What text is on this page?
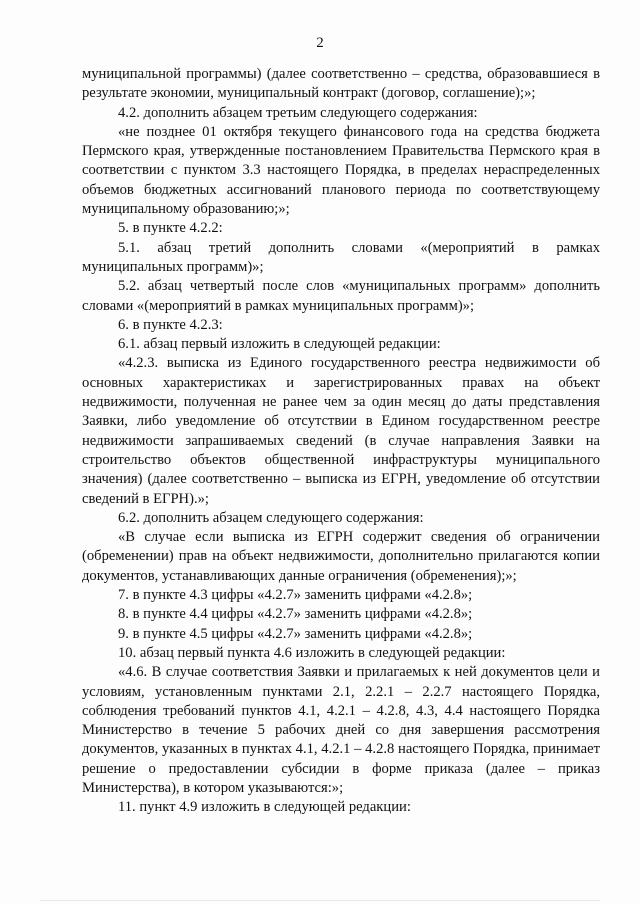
2

муниципальной программы) (далее соответственно – средства, образовавшиеся в результате экономии, муниципальный контракт (договор, соглашение);»;

4.2. дополнить абзацем третьим следующего содержания:

«не позднее 01 октября текущего финансового года на средства бюджета Пермского края, утвержденные постановлением Правительства Пермского края в соответствии с пунктом 3.3 настоящего Порядка, в пределах нераспределенных объемов бюджетных ассигнований планового периода по соответствующему муниципальному образованию;»;

5. в пункте 4.2.2:

5.1. абзац третий дополнить словами «(мероприятий в рамках муниципальных программ)»;

5.2. абзац четвертый после слов «муниципальных программ» дополнить словами «(мероприятий в рамках муниципальных программ)»;

6. в пункте 4.2.3:

6.1. абзац первый изложить в следующей редакции:

«4.2.3. выписка из Единого государственного реестра недвижимости об основных характеристиках и зарегистрированных правах на объект недвижимости, полученная не ранее чем за один месяц до даты представления Заявки, либо уведомление об отсутствии в Едином государственном реестре недвижимости запрашиваемых сведений (в случае направления Заявки на строительство объектов общественной инфраструктуры муниципального значения) (далее соответственно – выписка из ЕГРН, уведомление об отсутствии сведений в ЕГРН).»;

6.2. дополнить абзацем следующего содержания:

«В случае если выписка из ЕГРН содержит сведения об ограничении (обременении) прав на объект недвижимости, дополнительно прилагаются копии документов, устанавливающих данные ограничения (обременения);»;

7. в пункте 4.3 цифры «4.2.7» заменить цифрами «4.2.8»;

8. в пункте 4.4 цифры «4.2.7» заменить цифрами «4.2.8»;

9. в пункте 4.5 цифры «4.2.7» заменить цифрами «4.2.8»;

10. абзац первый пункта 4.6 изложить в следующей редакции:

«4.6. В случае соответствия Заявки и прилагаемых к ней документов цели и условиям, установленным пунктами 2.1, 2.2.1 – 2.2.7 настоящего Порядка, соблюдения требований пунктов 4.1, 4.2.1 – 4.2.8, 4.3, 4.4 настоящего Порядка Министерство в течение 5 рабочих дней со дня завершения рассмотрения документов, указанных в пунктах 4.1, 4.2.1 – 4.2.8 настоящего Порядка, принимает решение о предоставлении субсидии в форме приказа (далее – приказ Министерства), в котором указываются:»;

11. пункт 4.9 изложить в следующей редакции:
